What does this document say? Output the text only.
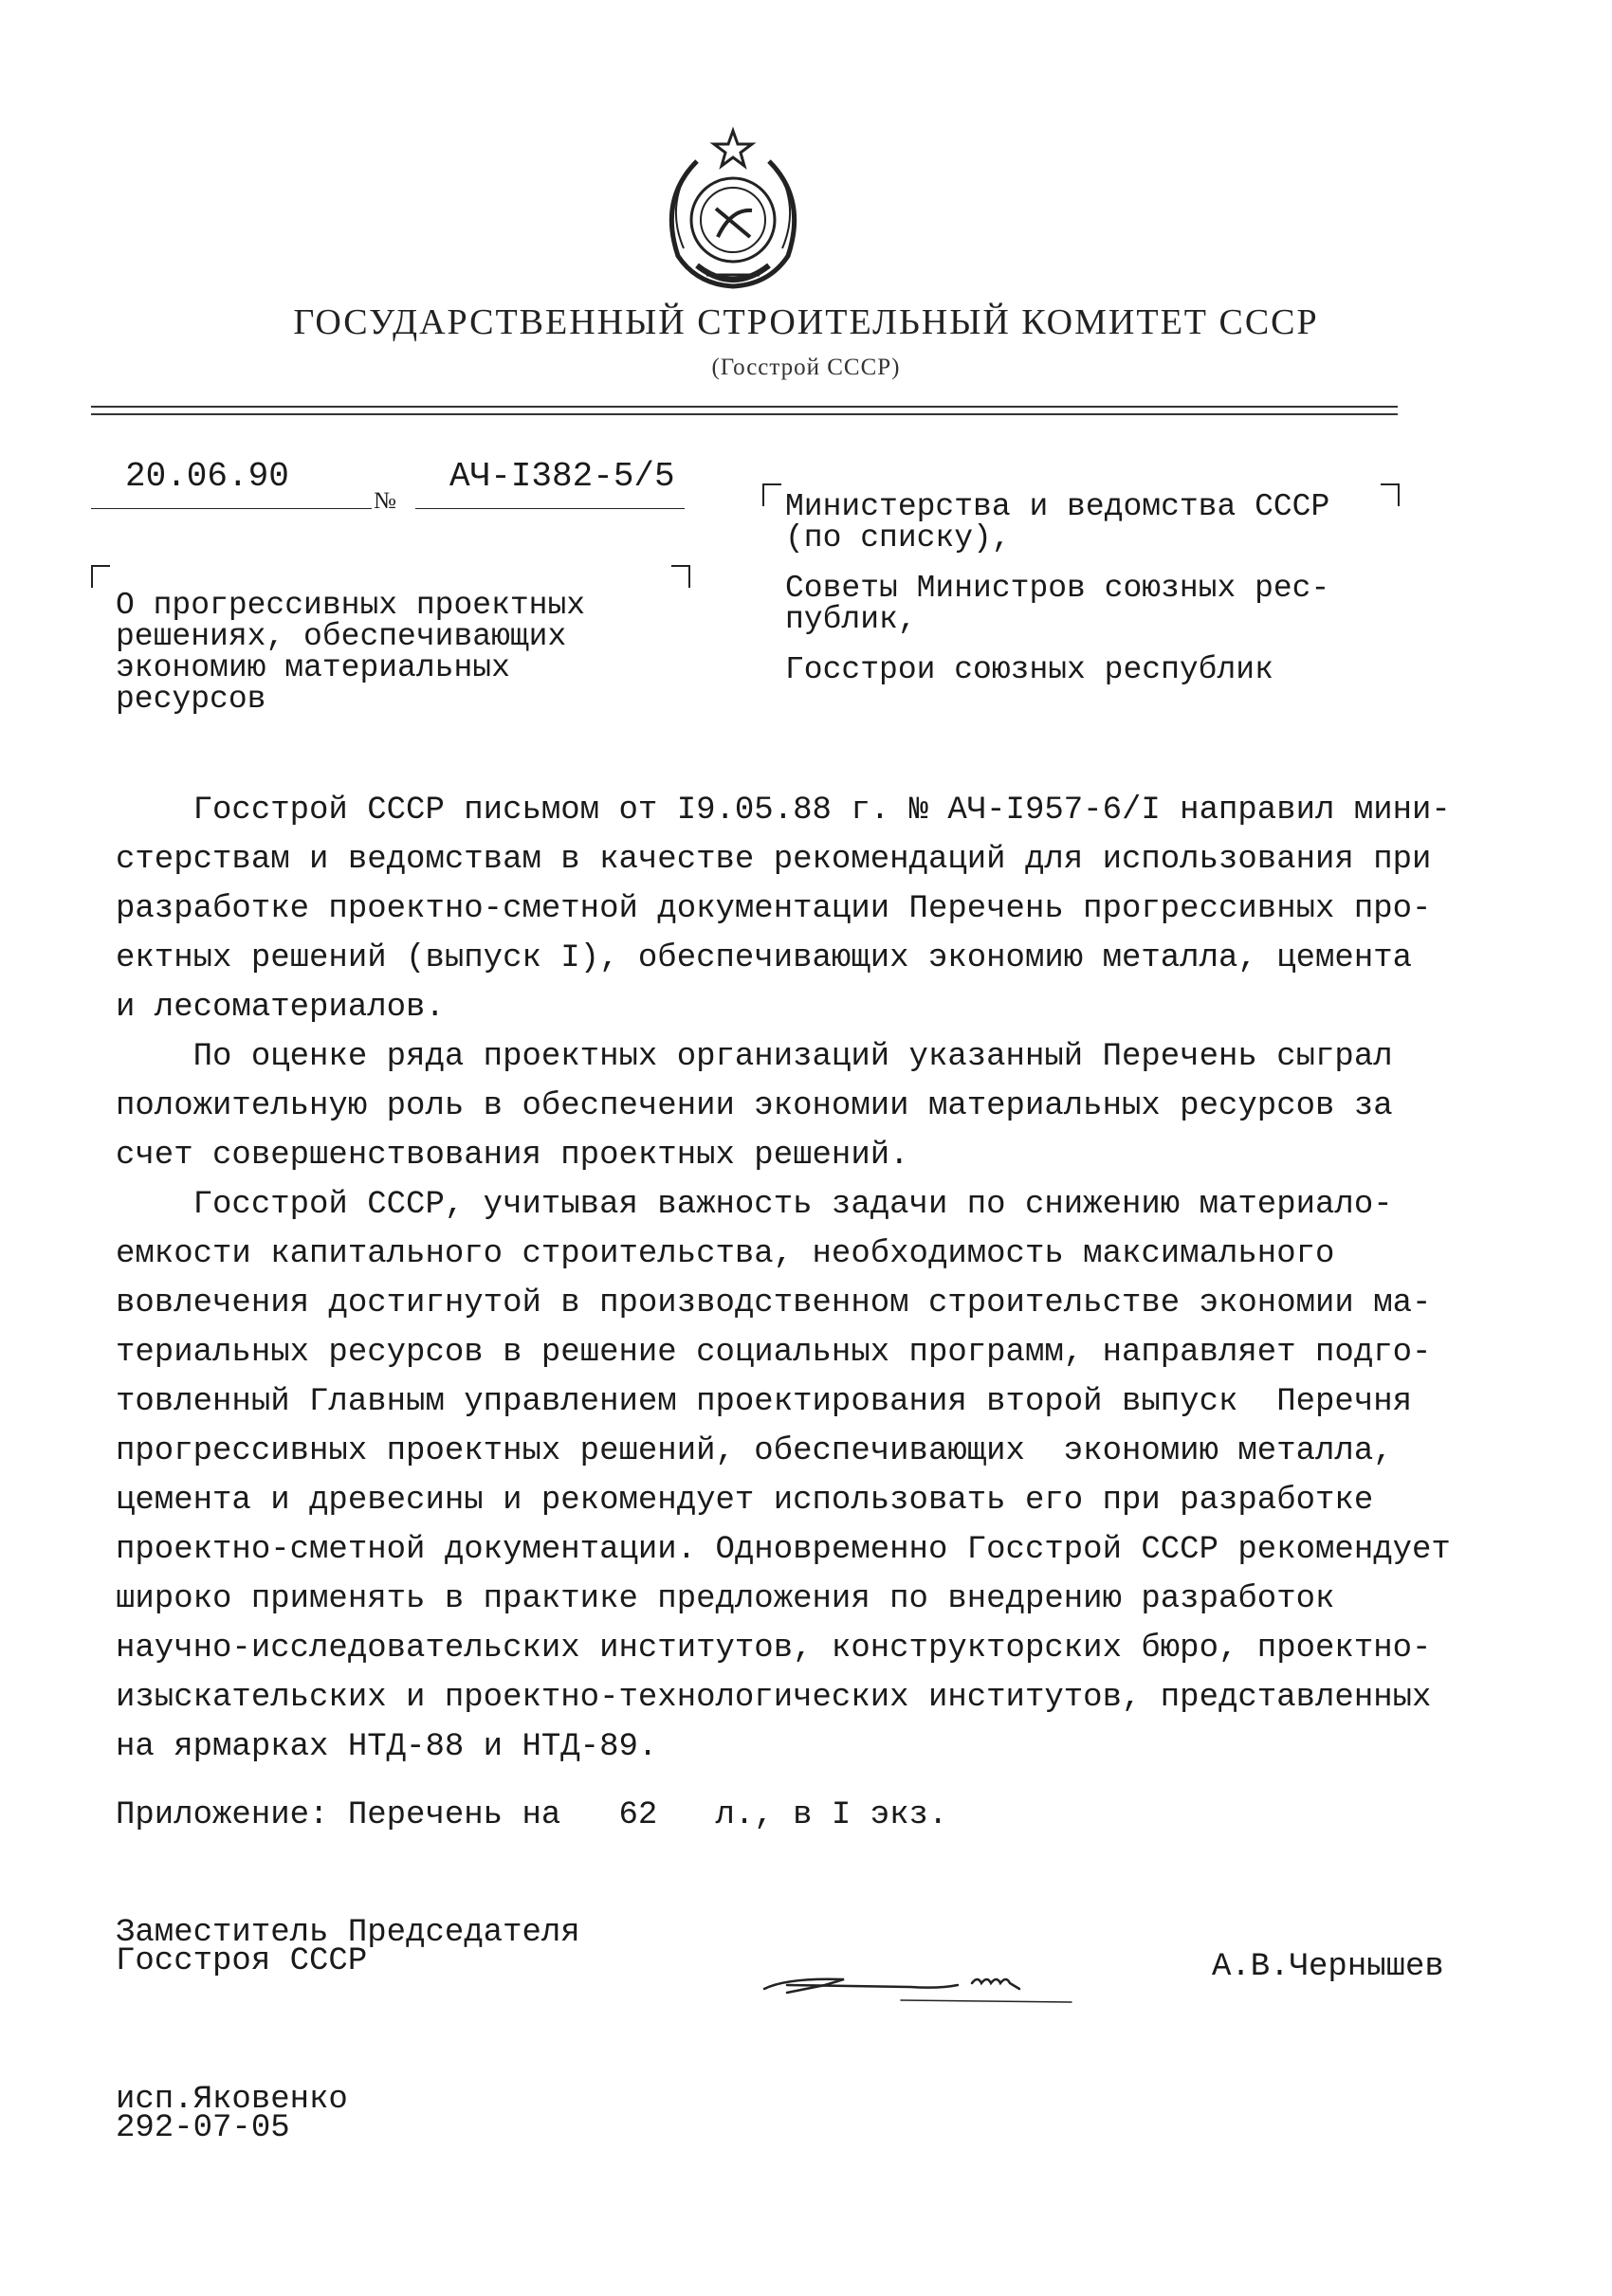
ГОСУДАРСТВЕННЫЙ СТРОИТЕЛЬНЫЙ КОМИТЕТ СССР
(Госстрой СССР)
20.06.90
№
АЧ-I382-5/5
О прогрессивных проектных
решениях, обеспечивающих
экономию материальных
ресурсов
Министерства и ведомства СССР
(по списку),
Советы Министров союзных рес-
публик,
Госстрои союзных республик
Госстрой СССР письмом от I9.05.88 г. № АЧ-I957-6/I направил мини-
стерствам и ведомствам в качестве рекомендаций для использования при
разработке проектно-сметной документации Перечень прогрессивных про-
ектных решений (выпуск I), обеспечивающих экономию металла, цемента
и лесоматериалов.
По оценке ряда проектных организаций указанный Перечень сыграл
положительную роль в обеспечении экономии материальных ресурсов за
счет совершенствования проектных решений.
Госстрой СССР, учитывая важность задачи по снижению материало-
емкости капитального строительства, необходимость максимального
вовлечения достигнутой в производственном строительстве экономии ма-
териальных ресурсов в решение социальных программ, направляет подго-
товленный Главным управлением проектирования второй выпуск  Перечня
прогрессивных проектных решений, обеспечивающих  экономию металла,
цемента и древесины и рекомендует использовать его при разработке
проектно-сметной документации. Одновременно Госстрой СССР рекомендует
широко применять в практике предложения по внедрению разработок
научно-исследовательских институтов, конструкторских бюро, проектно-
изыскательских и проектно-технологических институтов, представленных
на ярмарках НТД-88 и НТД-89.
Приложение: Перечень на   62   л., в I экз.
Заместитель Председателя
Госстроя СССР	А.В.Чернышев
исп.Яковенко
292-07-05
